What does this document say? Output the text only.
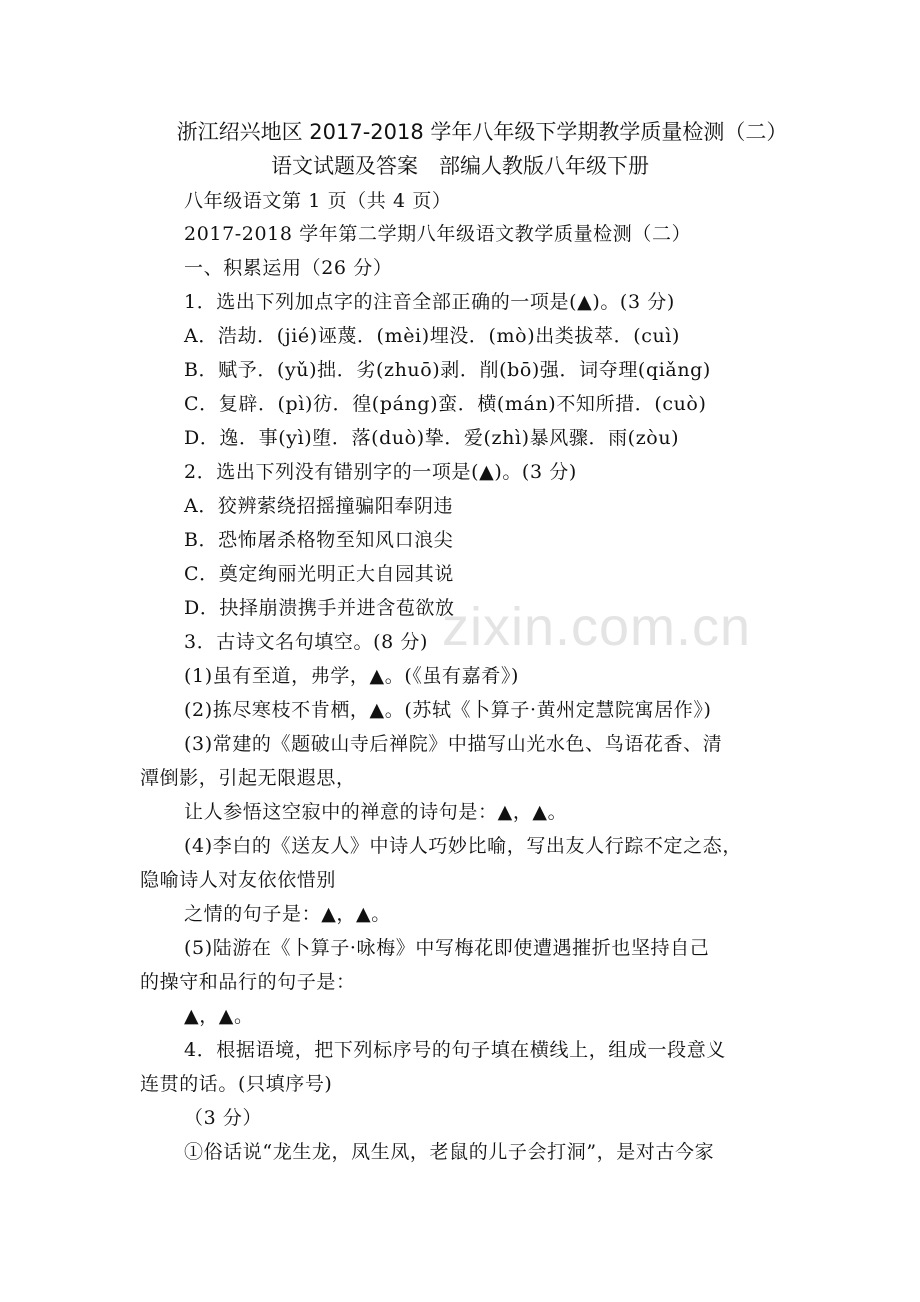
zixin.com.cn
浙江绍兴地区 2017-2018 学年八年级下学期教学质量检测（二）
语文试题及答案　部编人教版八年级下册
八年级语文第 1 页（共 4 页）
2017-2018 学年第二学期八年级语文教学质量检测（二）
一、积累运用（26 分）
1．选出下列加点字的注音全部正确的一项是(▲)。(3 分)
A．浩劫．(jié)诬蔑．(mèi)埋没．(mò)出类拔萃．(cuì)
B．赋予．(yǔ)拙．劣(zhuō)剥．削(bō)强．词夺理(qiǎng)
C．复辟．(pì)彷．徨(páng)蛮．横(mán)不知所措．(cuò)
D．逸．事(yì)堕．落(duò)挚．爱(zhì)暴风骤．雨(zòu)
2．选出下列没有错别字的一项是(▲)。(3 分)
A．狡辨萦绕招摇撞骗阳奉阴违
B．恐怖屠杀格物至知风口浪尖
C．奠定绚丽光明正大自园其说
D．抉择崩溃携手并进含苞欲放
3．古诗文名句填空。(8 分)
(1)虽有至道，弗学，▲。(《虽有嘉肴》)
(2)拣尽寒枝不肯栖，▲。(苏轼《卜算子·黄州定慧院寓居作》)
(3)常建的《题破山寺后禅院》中描写山光水色、鸟语花香、清
潭倒影，引起无限遐思，
让人参悟这空寂中的禅意的诗句是：▲，▲。
(4)李白的《送友人》中诗人巧妙比喻，写出友人行踪不定之态，
隐喻诗人对友依依惜别
之情的句子是：▲，▲。
(5)陆游在《卜算子·咏梅》中写梅花即使遭遇摧折也坚持自己
的操守和品行的句子是：
▲，▲。
4．根据语境，把下列标序号的句子填在横线上，组成一段意义
连贯的话。(只填序号)
（3 分）
①俗话说“龙生龙，凤生凤，老鼠的儿子会打洞”，是对古今家
